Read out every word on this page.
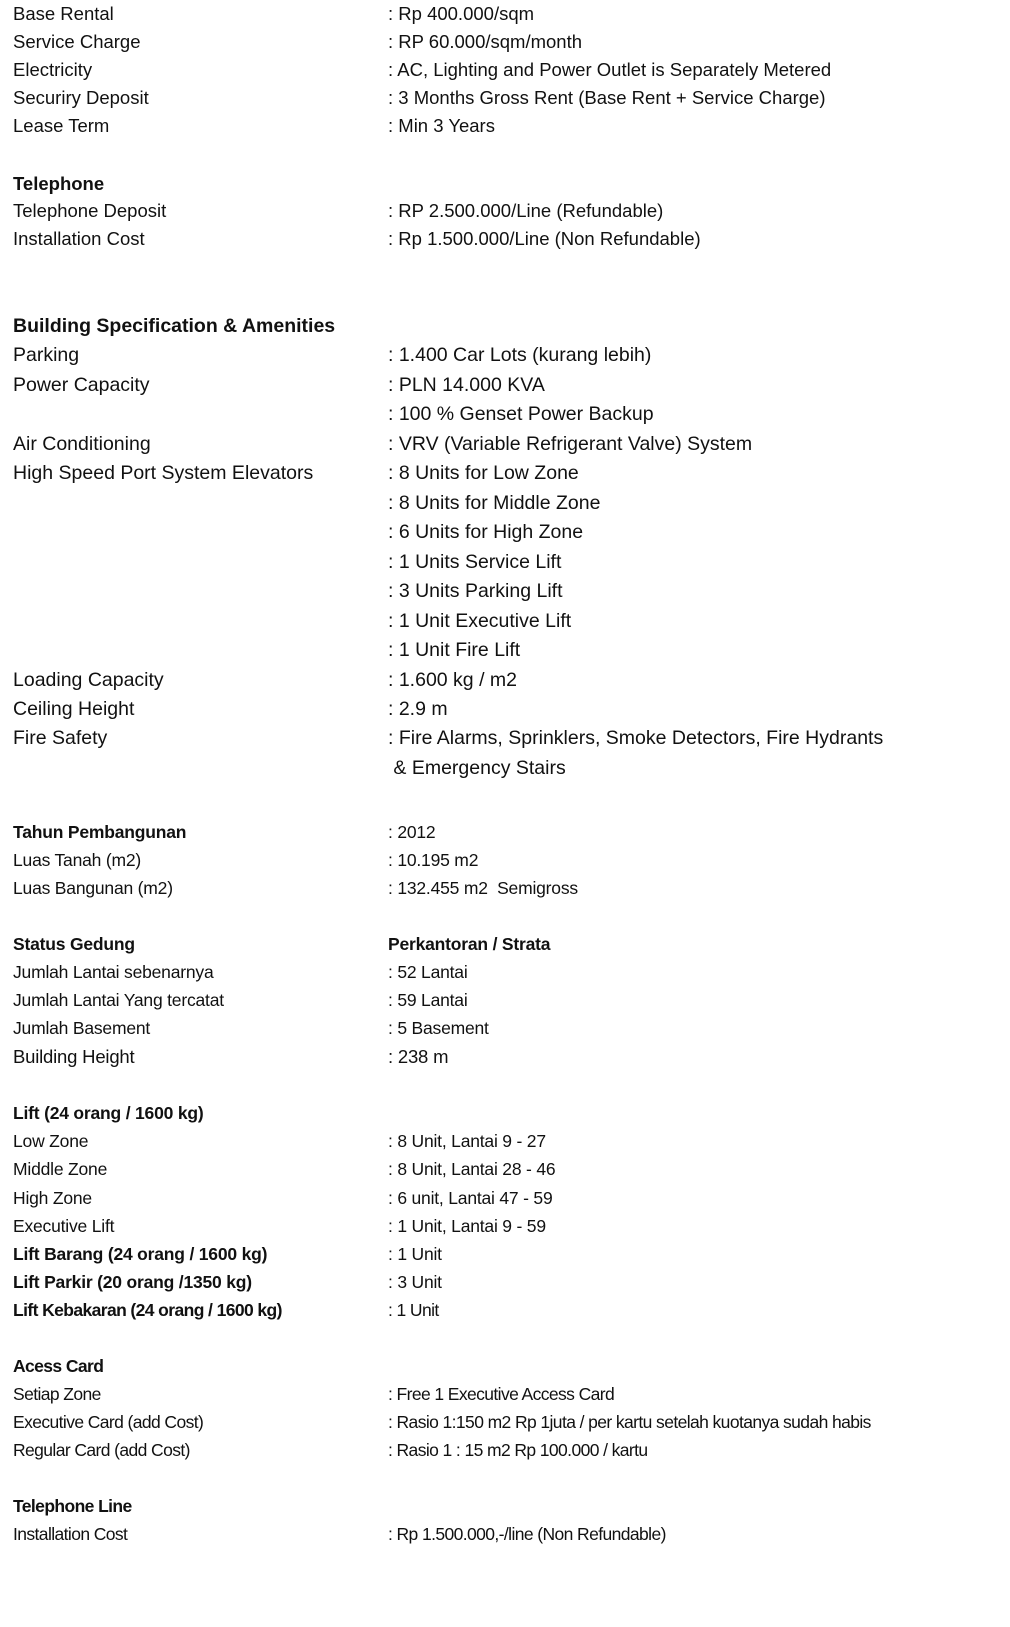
Base Rental	: Rp 400.000/sqm
Service Charge	: RP 60.000/sqm/month
Electricity	: AC, Lighting and Power Outlet is Separately Metered
Securiry Deposit	: 3 Months Gross Rent (Base Rent + Service Charge)
Lease Term	: Min 3 Years
Telephone
Telephone Deposit	: RP 2.500.000/Line (Refundable)
Installation Cost	: Rp 1.500.000/Line (Non Refundable)
Building Specification & Amenities
Parking	: 1.400 Car Lots (kurang lebih)
Power Capacity	: PLN 14.000 KVA
: 100 % Genset Power Backup
Air Conditioning	: VRV (Variable Refrigerant Valve) System
High Speed Port System Elevators	: 8 Units for Low Zone
: 8 Units for Middle Zone
: 6 Units for High Zone
: 1 Units Service Lift
: 3 Units Parking Lift
: 1 Unit Executive Lift
: 1 Unit Fire Lift
Loading Capacity	: 1.600 kg / m2
Ceiling Height	: 2.9 m
Fire Safety	: Fire Alarms, Sprinklers, Smoke Detectors, Fire Hydrants
& Emergency Stairs
Tahun Pembangunan	: 2012
Luas Tanah (m2)	: 10.195 m2
Luas Bangunan (m2)	: 132.455 m2  Semigross
Status Gedung	Perkantoran / Strata
Jumlah Lantai sebenarnya	: 52 Lantai
Jumlah Lantai Yang tercatat	: 59 Lantai
Jumlah Basement	: 5 Basement
Building Height	: 238 m
Lift (24 orang / 1600 kg)
Low Zone	: 8 Unit, Lantai 9 - 27
Middle Zone	: 8 Unit, Lantai 28 - 46
High Zone	: 6 unit, Lantai 47 - 59
Executive Lift	: 1 Unit, Lantai 9 - 59
Lift Barang (24 orang / 1600 kg)	: 1 Unit
Lift Parkir (20 orang /1350 kg)	: 3 Unit
Lift Kebakaran (24 orang / 1600 kg)	: 1 Unit
Acess Card
Setiap Zone	: Free 1 Executive Access Card
Executive Card (add Cost)	: Rasio 1:150 m2 Rp 1juta / per kartu setelah kuotanya sudah habis
Regular Card (add Cost)	: Rasio 1 : 15 m2 Rp 100.000 / kartu
Telephone Line
Installation Cost	: Rp 1.500.000,-/line (Non Refundable)
